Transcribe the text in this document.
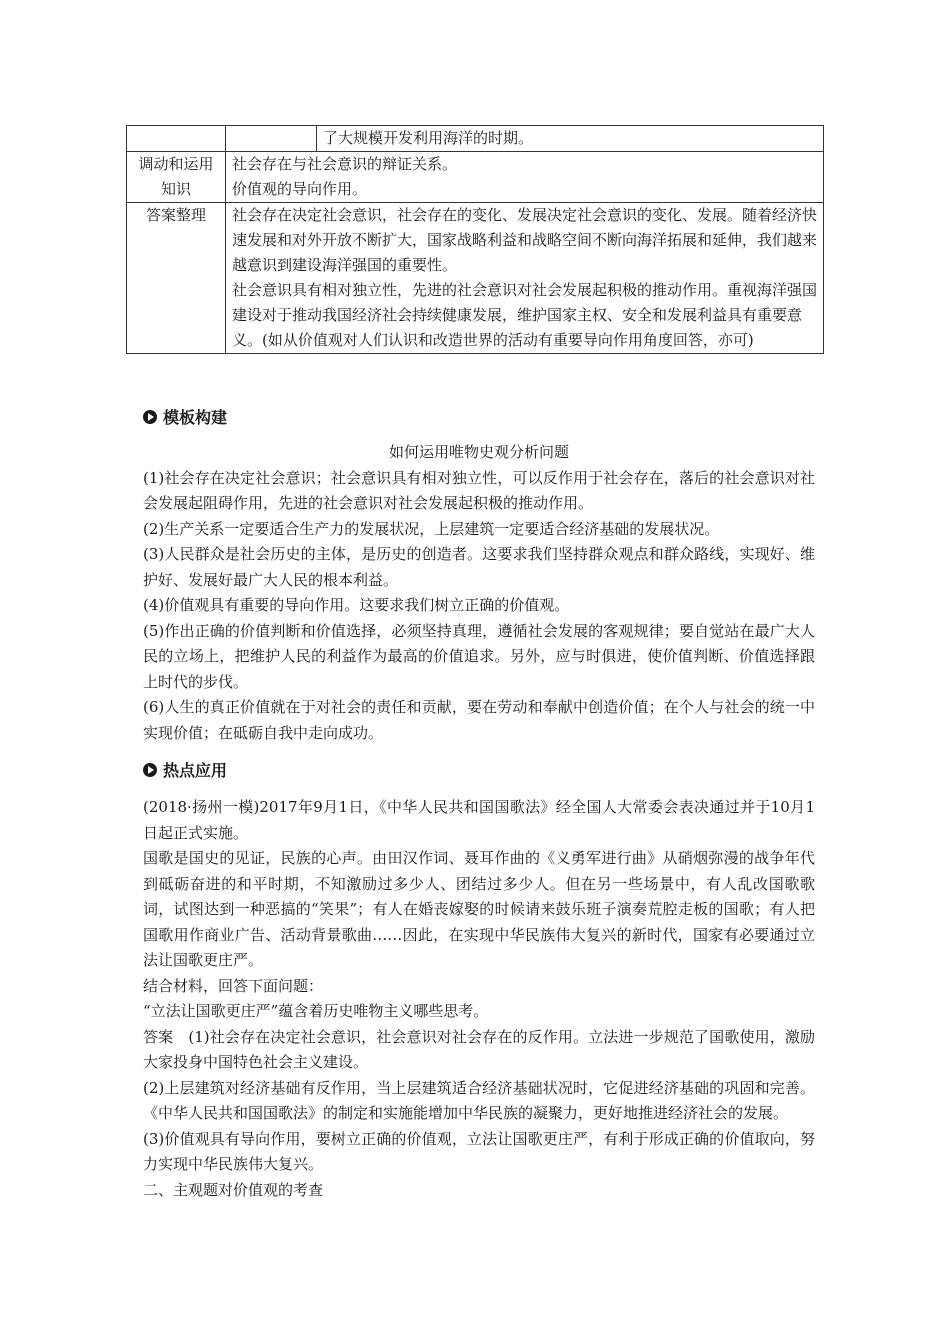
		了大规模开发利用海洋的时期。

调动和运用知识	社会存在与社会意识的辩证关系。

价值观的导向作用。	

答案整理	社会存在决定社会意识，社会存在的变化、发展决定社会意识的变化、发展。随着经济快速发展和对外开放不断扩大，国家战略利益和战略空间不断向海洋拓展和延伸，我们越来越意识到建设海洋强国的重要性。

社会意识具有相对独立性，先进的社会意识对社会发展起积极的推动作用。重视海洋强国建设对于推动我国经济社会持续健康发展，维护国家主权、安全和发展利益具有重要意义。(如从价值观对人们认识和改造世界的活动有重要导向作用角度回答，亦可)	

模板构建

如何运用唯物史观分析问题

(1)社会存在决定社会意识；社会意识具有相对独立性，可以反作用于社会存在，落后的社会意识对社会发展起阻碍作用，先进的社会意识对社会发展起积极的推动作用。

(2)生产关系一定要适合生产力的发展状况，上层建筑一定要适合经济基础的发展状况。

(3)人民群众是社会历史的主体，是历史的创造者。这要求我们坚持群众观点和群众路线，实现好、维护好、发展好最广大人民的根本利益。

(4)价值观具有重要的导向作用。这要求我们树立正确的价值观。

(5)作出正确的价值判断和价值选择，必须坚持真理，遵循社会发展的客观规律；要自觉站在最广大人民的立场上，把维护人民的利益作为最高的价值追求。另外，应与时俱进，使价值判断、价值选择跟上时代的步伐。

(6)人生的真正价值就在于对社会的责任和贡献，要在劳动和奉献中创造价值；在个人与社会的统一中实现价值；在砥砺自我中走向成功。

热点应用

(2018·扬州一模)2017年9月1日，《中华人民共和国国歌法》经全国人大常委会表决通过并于10月1日起正式实施。

国歌是国史的见证，民族的心声。由田汉作词、聂耳作曲的《义勇军进行曲》从硝烟弥漫的战争年代到砥砺奋进的和平时期，不知激励过多少人、团结过多少人。但在另一些场景中，有人乱改国歌歌词，试图达到一种恶搞的“笑果”；有人在婚丧嫁娶的时候请来鼓乐班子演奏荒腔走板的国歌；有人把国歌用作商业广告、活动背景歌曲……因此，在实现中华民族伟大复兴的新时代，国家有必要通过立法让国歌更庄严。

结合材料，回答下面问题：

“立法让国歌更庄严”蕴含着历史唯物主义哪些思考。

答案　(1)社会存在决定社会意识，社会意识对社会存在的反作用。立法进一步规范了国歌使用，激励大家投身中国特色社会主义建设。

(2)上层建筑对经济基础有反作用，当上层建筑适合经济基础状况时，它促进经济基础的巩固和完善。《中华人民共和国国歌法》的制定和实施能增加中华民族的凝聚力，更好地推进经济社会的发展。

(3)价值观具有导向作用，要树立正确的价值观，立法让国歌更庄严，有利于形成正确的价值取向，努力实现中华民族伟大复兴。

二、主观题对价值观的考查
